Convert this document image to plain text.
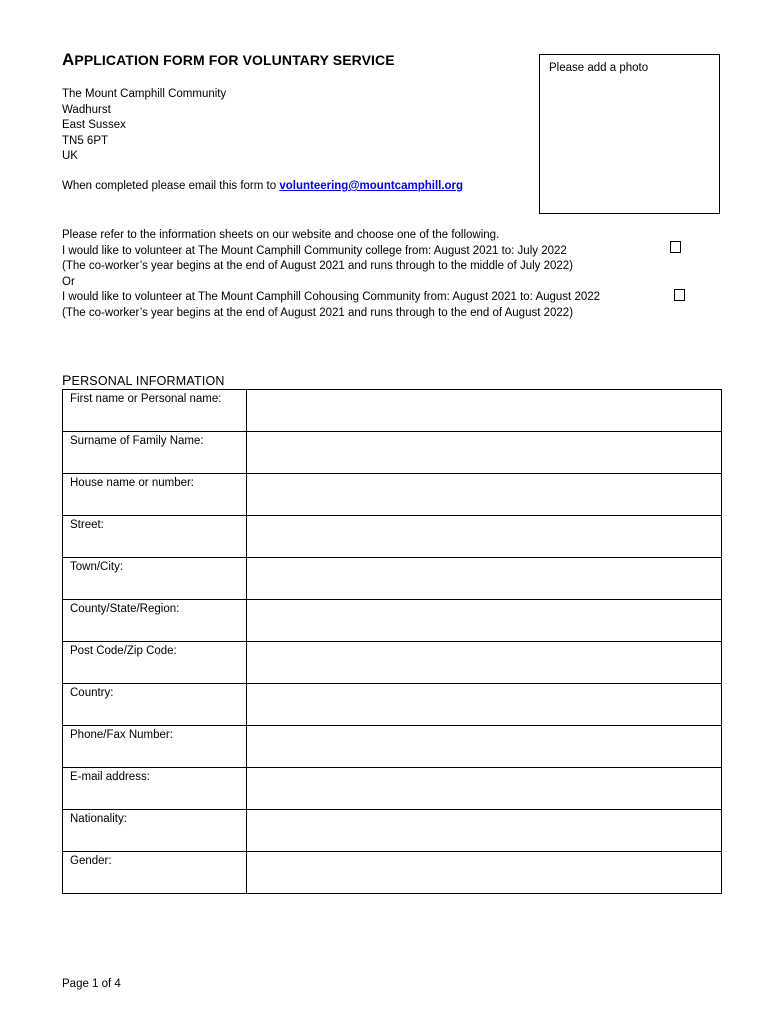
APPLICATION FORM FOR VOLUNTARY SERVICE
The Mount Camphill Community
Wadhurst
East Sussex
TN5 6PT
UK
Please add a photo
When completed please email this form to volunteering@mountcamphill.org
Please refer to the information sheets on our website and choose one of the following.
I would like to volunteer at The Mount Camphill Community college from: August 2021 to: July 2022
(The co-worker’s year begins at the end of August 2021 and runs through to the middle of July 2022)
Or
I would like to volunteer at The Mount Camphill Cohousing Community from: August 2021 to: August 2022
(The co-worker’s year begins at the end of August 2021 and runs through to the end of August 2022)
PERSONAL INFORMATION
First name or Personal name:	
Surname of Family Name:	
House name or number:	
Street:	
Town/City:	
County/State/Region:	
Post Code/Zip Code:	
Country:	
Phone/Fax Number:	
E-mail address:	
Nationality:	
Gender:	
Page 1 of 4
